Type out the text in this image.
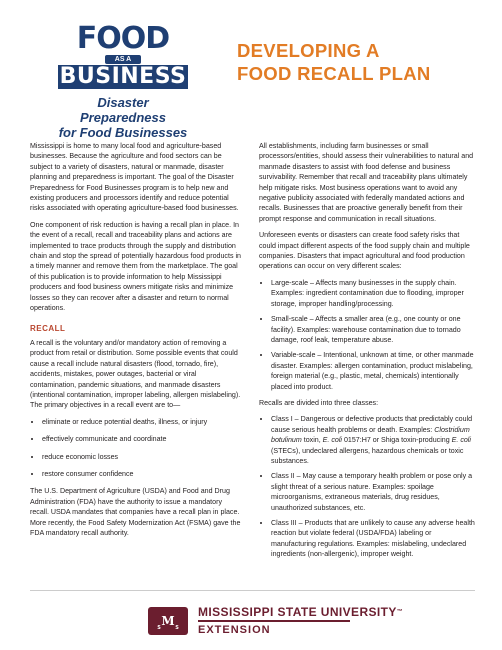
FOOD
AS A
BUSINESS
Disaster Preparedness
for Food Businesses
DEVELOPING A
FOOD RECALL PLAN

Mississippi is home to many local food and agriculture-based businesses. Because the agriculture and food sectors can be subject to a variety of disasters, natural or manmade, disaster planning and preparedness is important. The goal of the Disaster Preparedness for Food Businesses program is to help new and existing producers and processors identify and reduce potential risks associated with operating agriculture-based food businesses.

One component of risk reduction is having a recall plan in place. In the event of a recall, recall and traceability plans and actions are implemented to trace products through the supply and distribution chain and stop the spread of potentially hazardous food products in a timely manner and remove them from the marketplace. The goal of this publication is to provide information to help Mississippi producers and food business owners mitigate risks and minimize losses so they can recover after a disaster and return to normal operations.

RECALL

A recall is the voluntary and/or mandatory action of removing a product from retail or distribution. Some possible events that could cause a recall include natural disasters (flood, tornado, fire), accidents, mistakes, power outages, bacterial or viral contamination, pandemic situations, and manmade disasters (intentional contamination, improper labeling, allergen mislabeling). The primary objectives in a recall event are to—

• eliminate or reduce potential deaths, illness, or injury
• effectively communicate and coordinate
• reduce economic losses
• restore consumer confidence

The U.S. Department of Agriculture (USDA) and Food and Drug Administration (FDA) have the authority to issue a mandatory recall. USDA mandates that companies have a recall plan in place. More recently, the Food Safety Modernization Act (FSMA) gave the FDA mandatory recall authority.

All establishments, including farm businesses or small processors/entities, should assess their vulnerabilities to natural and manmade disasters to assist with food defense and business survivability. Remember that recall and traceability plans ultimately help mitigate risks. Most business operations want to avoid any negative publicity associated with federally mandated actions and recalls. Businesses that are proactive generally benefit from their prompt response and communication in recall situations.

Unforeseen events or disasters can create food safety risks that could impact different aspects of the food supply chain and multiple companies. Disasters that impact agricultural and food production operations can occur on very different scales:

• Large-scale – Affects many businesses in the supply chain. Examples: ingredient contamination due to flooding, improper storage, improper handling/processing.
• Small-scale – Affects a smaller area (e.g., one county or one facility). Examples: warehouse contamination due to tornado damage, roof leak, temperature abuse.
• Variable-scale – Intentional, unknown at time, or other manmade disaster. Examples: allergen contamination, product mislabeling, foreign material (e.g., plastic, metal, chemicals) intentionally placed into product.

Recalls are divided into three classes:

• Class I – Dangerous or defective products that predictably could cause serious health problems or death. Examples: Clostridium botulinum toxin, E. coli 0157:H7 or Shiga toxin-producing E. coli (STECs), undeclared allergens, hazardous chemicals or toxic substances.
• Class II – May cause a temporary health problem or pose only a slight threat of a serious nature. Examples: spoilage microorganisms, extraneous materials, drug residues, unauthorized substances, etc.
• Class III – Products that are unlikely to cause any adverse health reaction but violate federal (USDA/FDA) labeling or manufacturing regulations. Examples: mislabeling, undeclared ingredients (non-allergenic), improper weight.
M
S	S
MISSISSIPPI STATE UNIVERSITY™
EXTENSION
